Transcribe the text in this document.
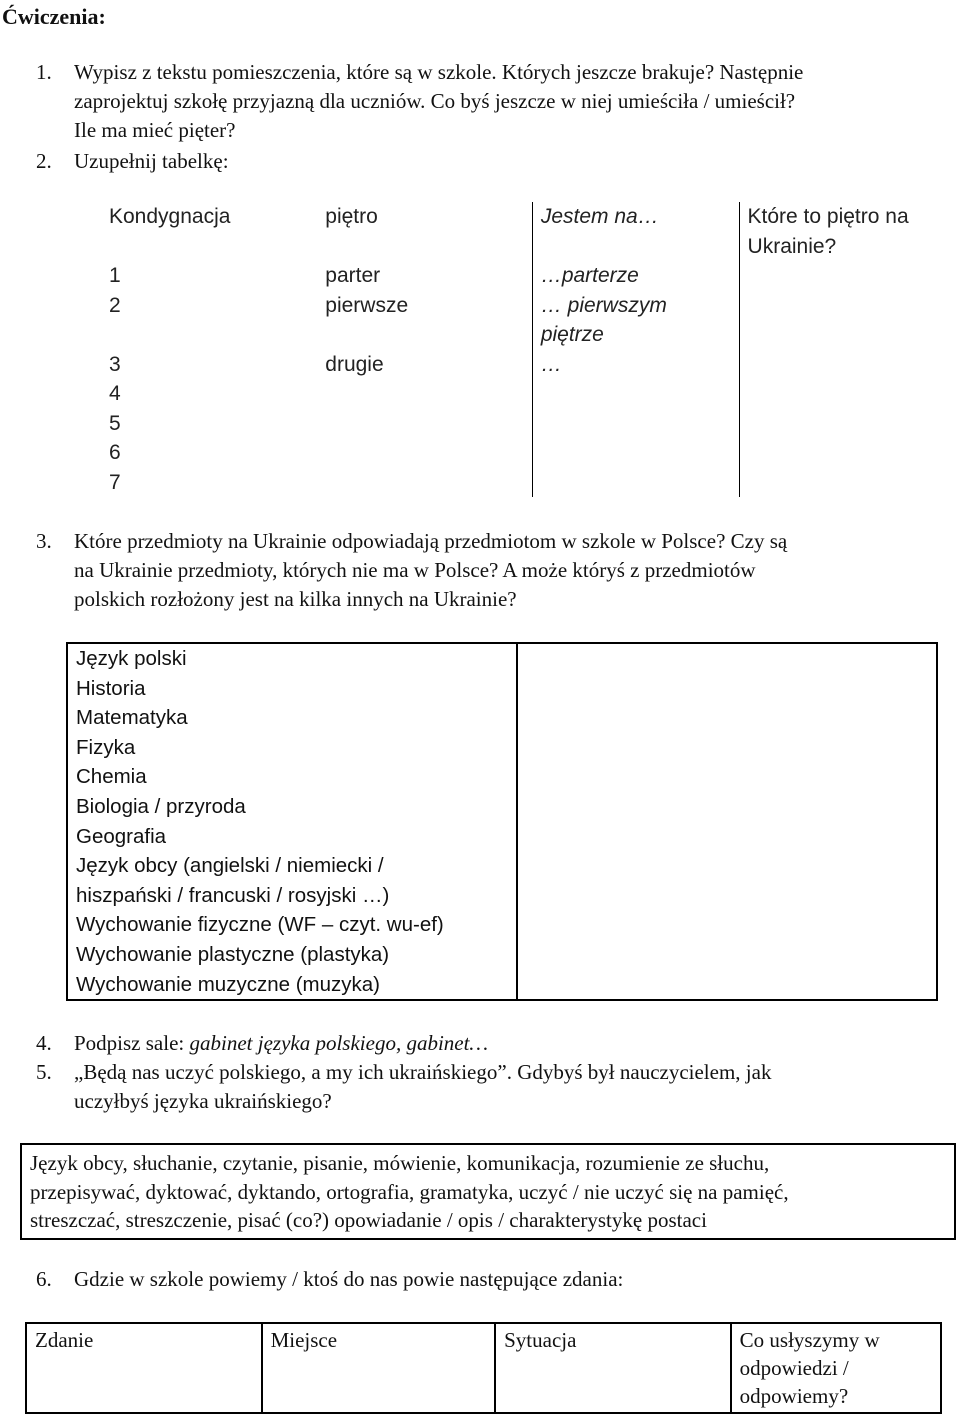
Ćwiczenia:
1. Wypisz z tekstu pomieszczenia, które są w szkole. Których jeszcze brakuje? Następnie
zaprojektuj szkołę przyjazną dla uczniów. Co byś jeszcze w niej umieściła / umieścił?
Ile ma mieć pięter?
2. Uzupełnij tabelkę:
Kondygnacja	piętro	Jestem na…	Które to piętro na
Ukrainie?

1	parter	…parterze	
2	pierwsze	… pierwszym
piętrze	
3	drugie	…	
4			
5			
6			
7			
3. Które przedmioty na Ukrainie odpowiadają przedmiotom w szkole w Polsce? Czy są
na Ukrainie przedmioty, których nie ma w Polsce? A może któryś z przedmiotów
polskich rozłożony jest na kilka innych na Ukrainie?
Język polski
Historia
Matematyka
Fizyka
Chemia
Biologia / przyroda
Geografia
Język obcy (angielski / niemiecki /
hiszpański / francuski / rosyjski …)
Wychowanie fizyczne (WF – czyt. wu-ef)
Wychowanie plastyczne (plastyka)
Wychowanie muzyczne (muzyka)

4. Podpisz sale: gabinet języka polskiego, gabinet…
5. „Będą nas uczyć polskiego, a my ich ukraińskiego”. Gdybyś był nauczycielem, jak
uczyłbyś języka ukraińskiego?
Język obcy, słuchanie, czytanie, pisanie, mówienie, komunikacja, rozumienie ze słuchu,
przepisywać, dyktować, dyktando, ortografia, gramatyka, uczyć / nie uczyć się na pamięć,
streszczać, streszczenie, pisać (co?) opowiadanie / opis / charakterystykę postaci
6. Gdzie w szkole powiemy / ktoś do nas powie następujące zdania:
Zdanie	Miejsce	Sytuacja	Co usłyszymy w
odpowiedzi /
odpowiemy?
